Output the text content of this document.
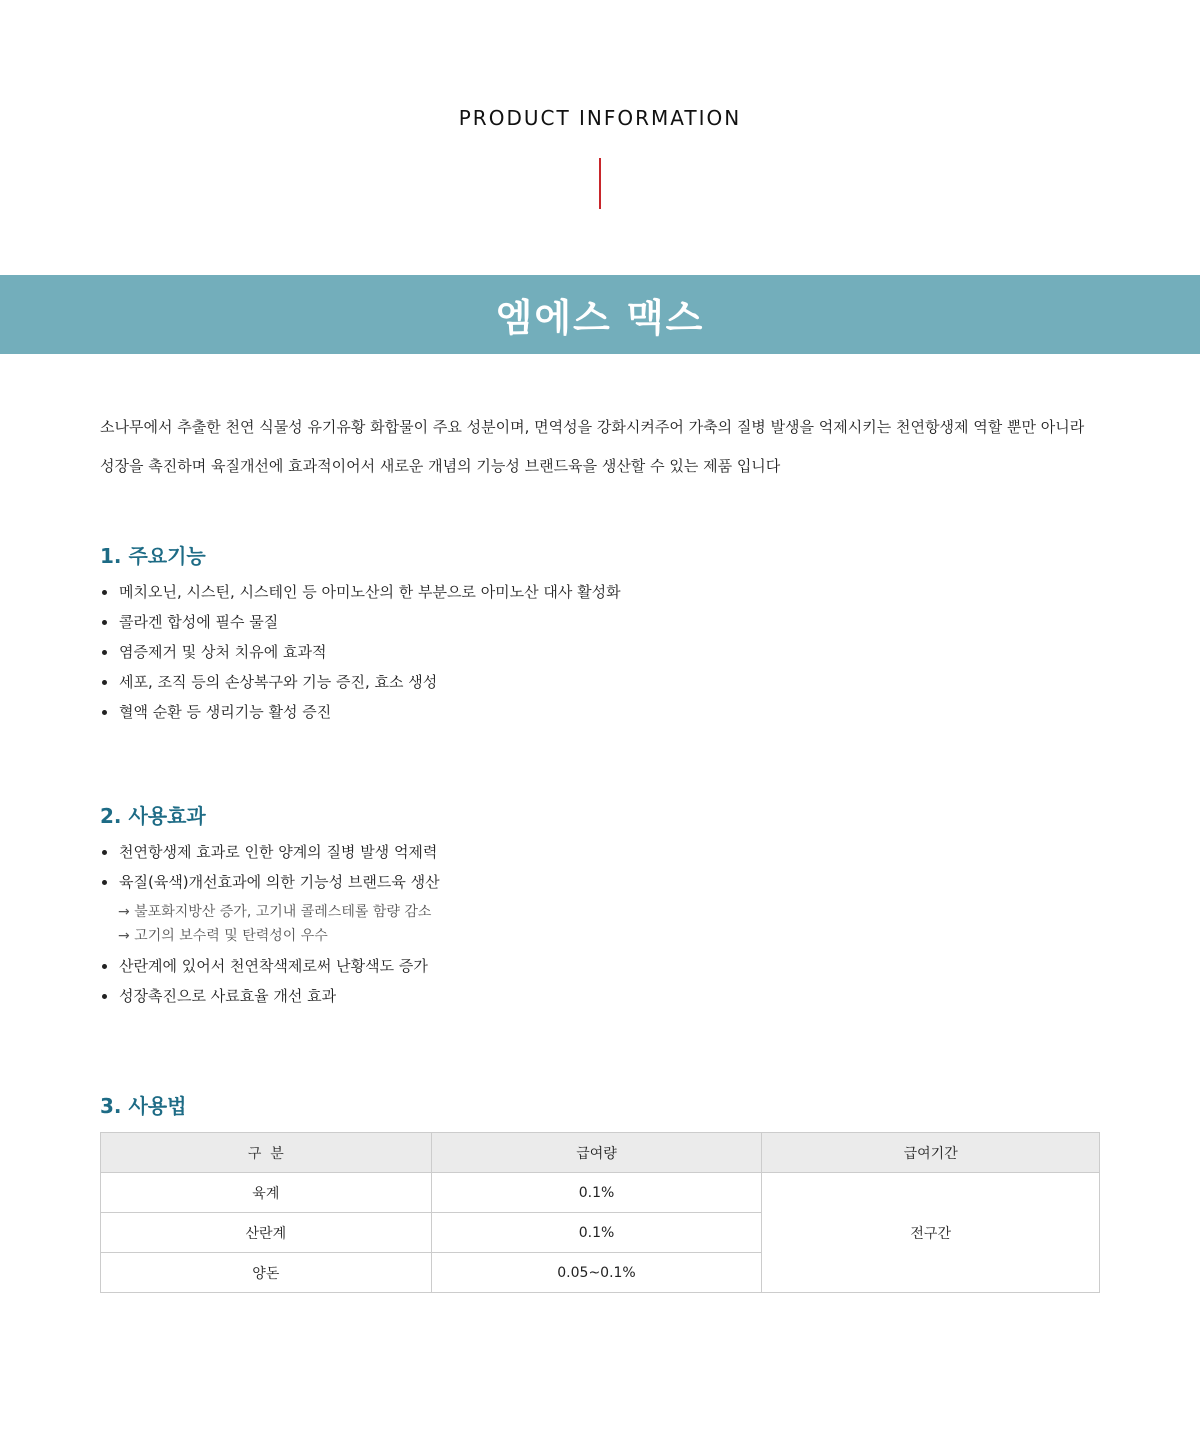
PRODUCT INFORMATION
엠에스 맥스

소나무에서 추출한 천연 식물성 유기유황 화합물이 주요 성분이며, 면역성을 강화시켜주어 가축의 질병 발생을 억제시키는 천연항생제 역할 뿐만 아니라

성장을 촉진하며 육질개선에 효과적이어서 새로운 개념의 기능성 브랜드육을 생산할 수 있는 제품 입니다

1. 주요기능
메치오닌, 시스틴, 시스테인 등 아미노산의 한 부분으로 아미노산 대사 활성화
콜라겐 합성에 필수 물질
염증제거 및 상처 치유에 효과적
세포, 조직 등의 손상복구와 기능 증진, 효소 생성
혈액 순환 등 생리기능 활성 증진
2. 사용효과
천연항생제 효과로 인한 양계의 질병 발생 억제력
육질(육색)개선효과에 의한 기능성 브랜드육 생산

→ 불포화지방산 증가, 고기내 콜레스테롤 함량 감소

→ 고기의 보수력 및 탄력성이 우수

산란계에 있어서 천연착색제로써 난황색도 증가
성장촉진으로 사료효율 개선 효과
3. 사용법
구  분	급여량	급여기간
육계	0.1%	전구간
산란계	0.1%	
양돈	0.05~0.1%	
